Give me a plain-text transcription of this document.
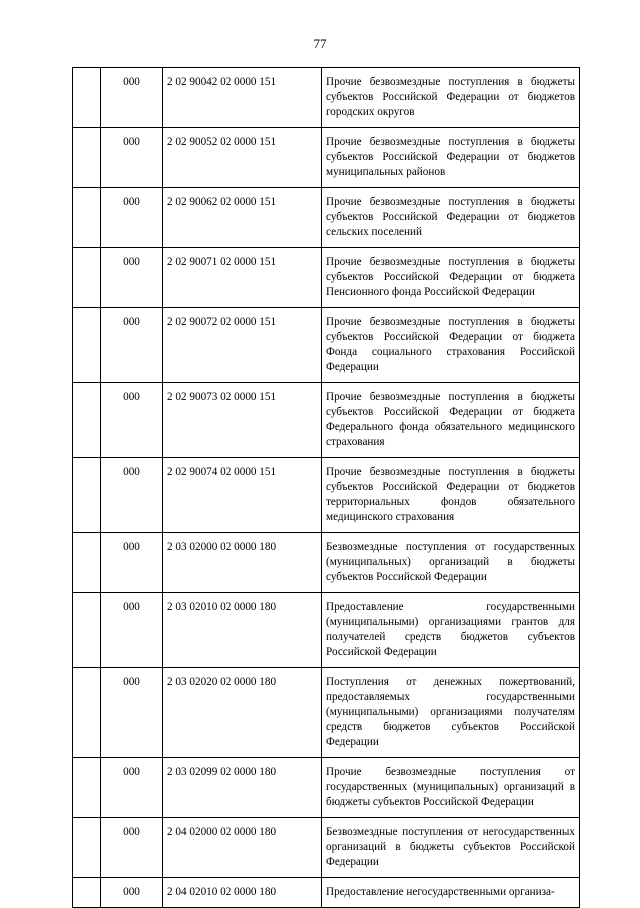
77
	000	2 02 90042 02 0000 151	Прочие безвозмездные поступления в бюджеты субъектов Российской Федерации от бюджетов городских округов
	000	2 02 90052 02 0000 151	Прочие безвозмездные поступления в бюджеты субъектов Российской Федерации от бюджетов муниципальных районов
	000	2 02 90062 02 0000 151	Прочие безвозмездные поступления в бюджеты субъектов Российской Федерации от бюджетов сельских поселений
	000	2 02 90071 02 0000 151	Прочие безвозмездные поступления в бюджеты субъектов Российской Федерации от бюджета Пенсионного фонда Российской Федерации
	000	2 02 90072 02 0000 151	Прочие безвозмездные поступления в бюджеты субъектов Российской Федерации от бюджета Фонда социального страхования Российской Федерации
	000	2 02 90073 02 0000 151	Прочие безвозмездные поступления в бюджеты субъектов Российской Федерации от бюджета Федерального фонда обязательного медицинского страхования
	000	2 02 90074 02 0000 151	Прочие безвозмездные поступления в бюджеты субъектов Российской Федерации от бюджетов территориальных фондов обязательного медицинского страхования
	000	2 03 02000 02 0000 180	Безвозмездные поступления от государственных (муниципальных) организаций в бюджеты субъектов Российской Федерации
	000	2 03 02010 02 0000 180	Предоставление государственными (муниципальными) организациями грантов для получателей средств бюджетов субъектов Российской Федерации
	000	2 03 02020 02 0000 180	Поступления от денежных пожертвований, предоставляемых государственными (муниципальными) организациями получателям средств бюджетов субъектов Российской Федерации
	000	2 03 02099 02 0000 180	Прочие безвозмездные поступления от государственных (муниципальных) организаций в бюджеты субъектов Российской Федерации
	000	2 04 02000 02 0000 180	Безвозмездные поступления от негосударственных организаций в бюджеты субъектов Российской Федерации
	000	2 04 02010 02 0000 180	Предоставление негосударственными организа-
